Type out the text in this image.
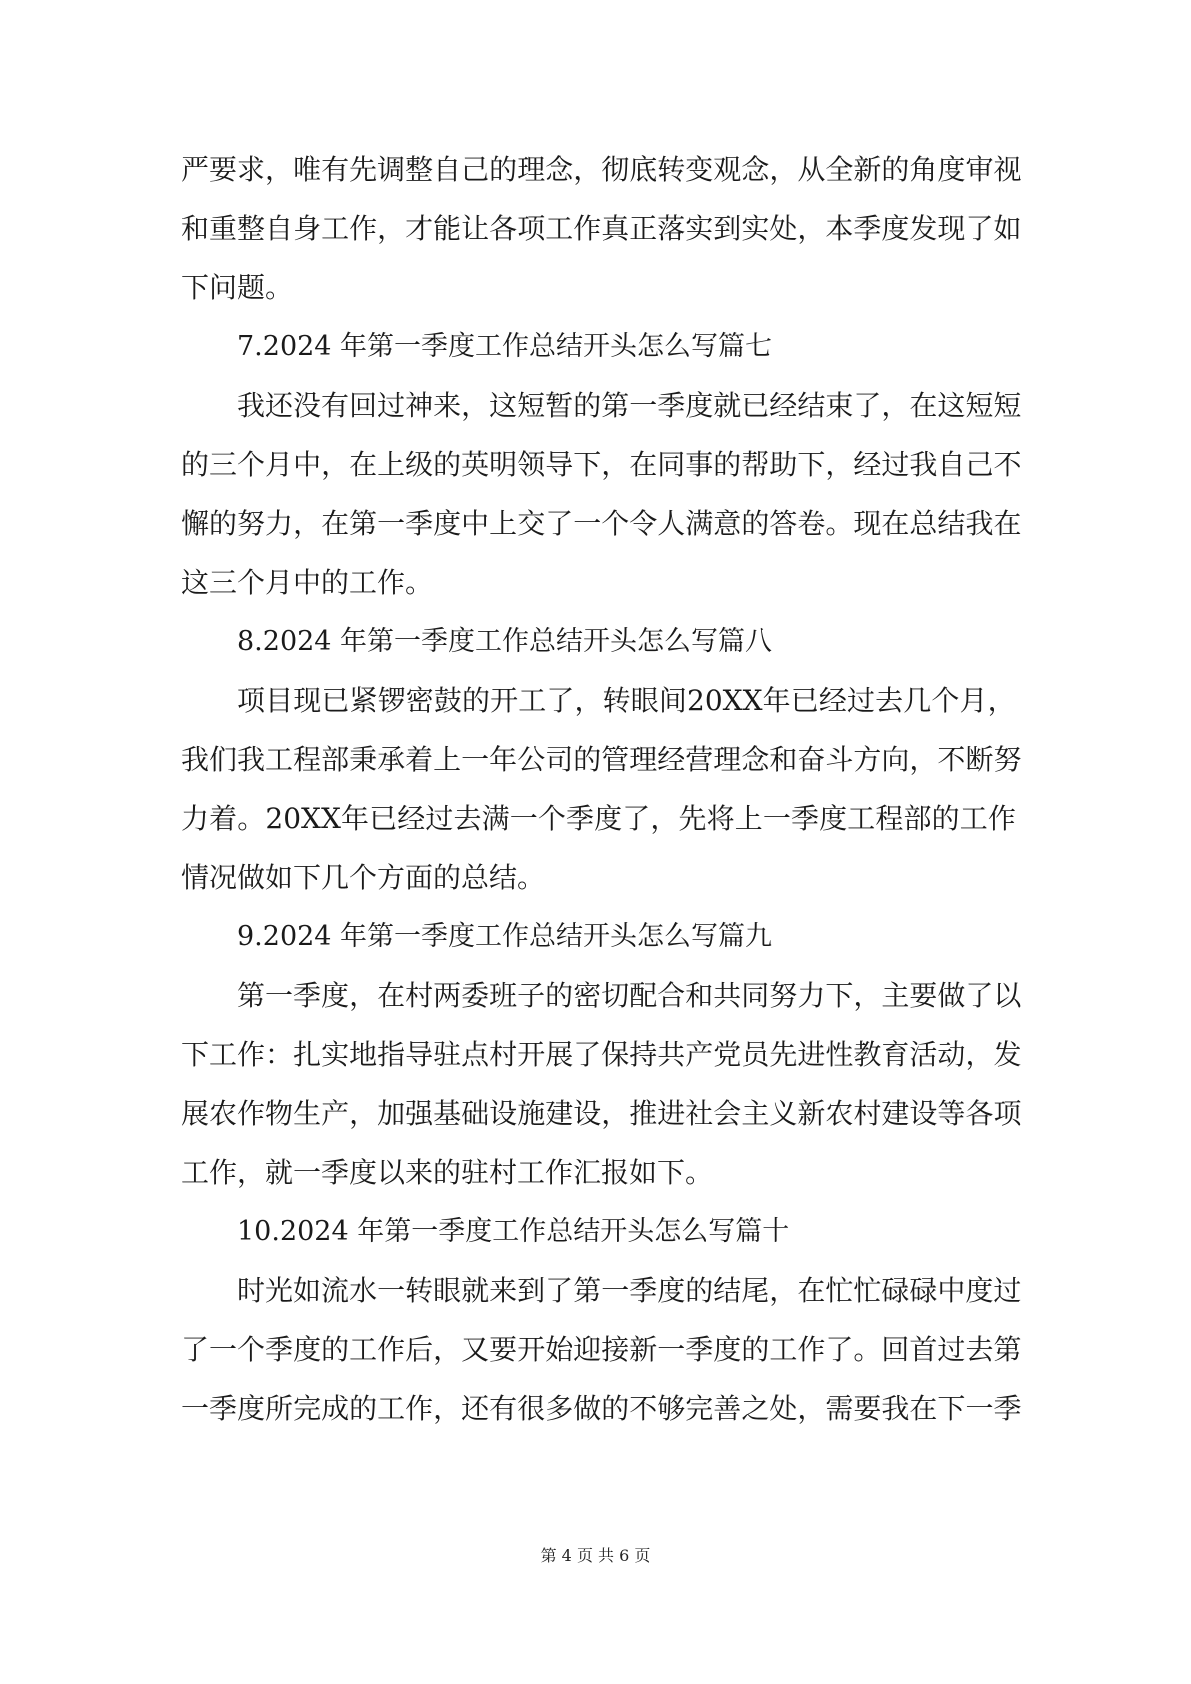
严 要 求 ， 唯 有 先 调 整 自 己 的 理 念 ， 彻 底 转 变 观 念 ， 从 全 新 的 角 度 审 视
和 重 整 自 身 工 作 ， 才 能 让 各 项 工 作 真 正 落 实 到 实 处 ， 本 季 度 发 现 了 如
下问题。
7.2024 年第一季度工作总结开头怎么写篇七
我 还 没 有 回 过 神 来 ， 这 短 暂 的 第 一 季 度 就 已 经 结 束 了 ， 在 这 短 短
的 三 个 月 中 ， 在 上 级 的 英 明 领 导 下 ， 在 同 事 的 帮 助 下 ， 经 过 我 自 己 不
懈 的 努 力 ， 在 第 一 季 度 中 上 交 了 一 个 令 人 满 意 的 答 卷 。 现 在 总 结 我 在
这三个月中的工作。
8.2024 年第一季度工作总结开头怎么写篇八
项 目 现 已 紧 锣 密 鼓 的 开 工 了 ， 转 眼 间 20XX 年 已 经 过 去 几 个 月 ，
我 们 我 工 程 部 秉 承 着 上 一 年 公 司 的 管 理 经 营 理 念 和 奋 斗 方 向 ， 不 断 努
力 着 。 20XX 年 已 经 过 去 满 一 个 季 度 了 ， 先 将 上 一 季 度 工 程 部 的 工 作
情况做如下几个方面的总结。
9.2024 年第一季度工作总结开头怎么写篇九
第 一 季 度 ， 在 村 两 委 班 子 的 密 切 配 合 和 共 同 努 力 下 ， 主 要 做 了 以
下 工 作 ： 扎 实 地 指 导 驻 点 村 开 展 了 保 持 共 产 党 员 先 进 性 教 育 活 动 ， 发
展 农 作 物 生 产 ， 加 强 基 础 设 施 建 设 ， 推 进 社 会 主 义 新 农 村 建 设 等 各 项
工作，就一季度以来的驻村工作汇报如下。
10.2024 年第一季度工作总结开头怎么写篇十
时 光 如 流 水 一 转 眼 就 来 到 了 第 一 季 度 的 结 尾 ， 在 忙 忙 碌 碌 中 度 过
了 一 个 季 度 的 工 作 后 ， 又 要 开 始 迎 接 新 一 季 度 的 工 作 了 。 回 首 过 去 第
一 季 度 所 完 成 的 工 作 ， 还 有 很 多 做 的 不 够 完 善 之 处 ， 需 要 我 在 下 一 季
第 4 页 共 6 页
